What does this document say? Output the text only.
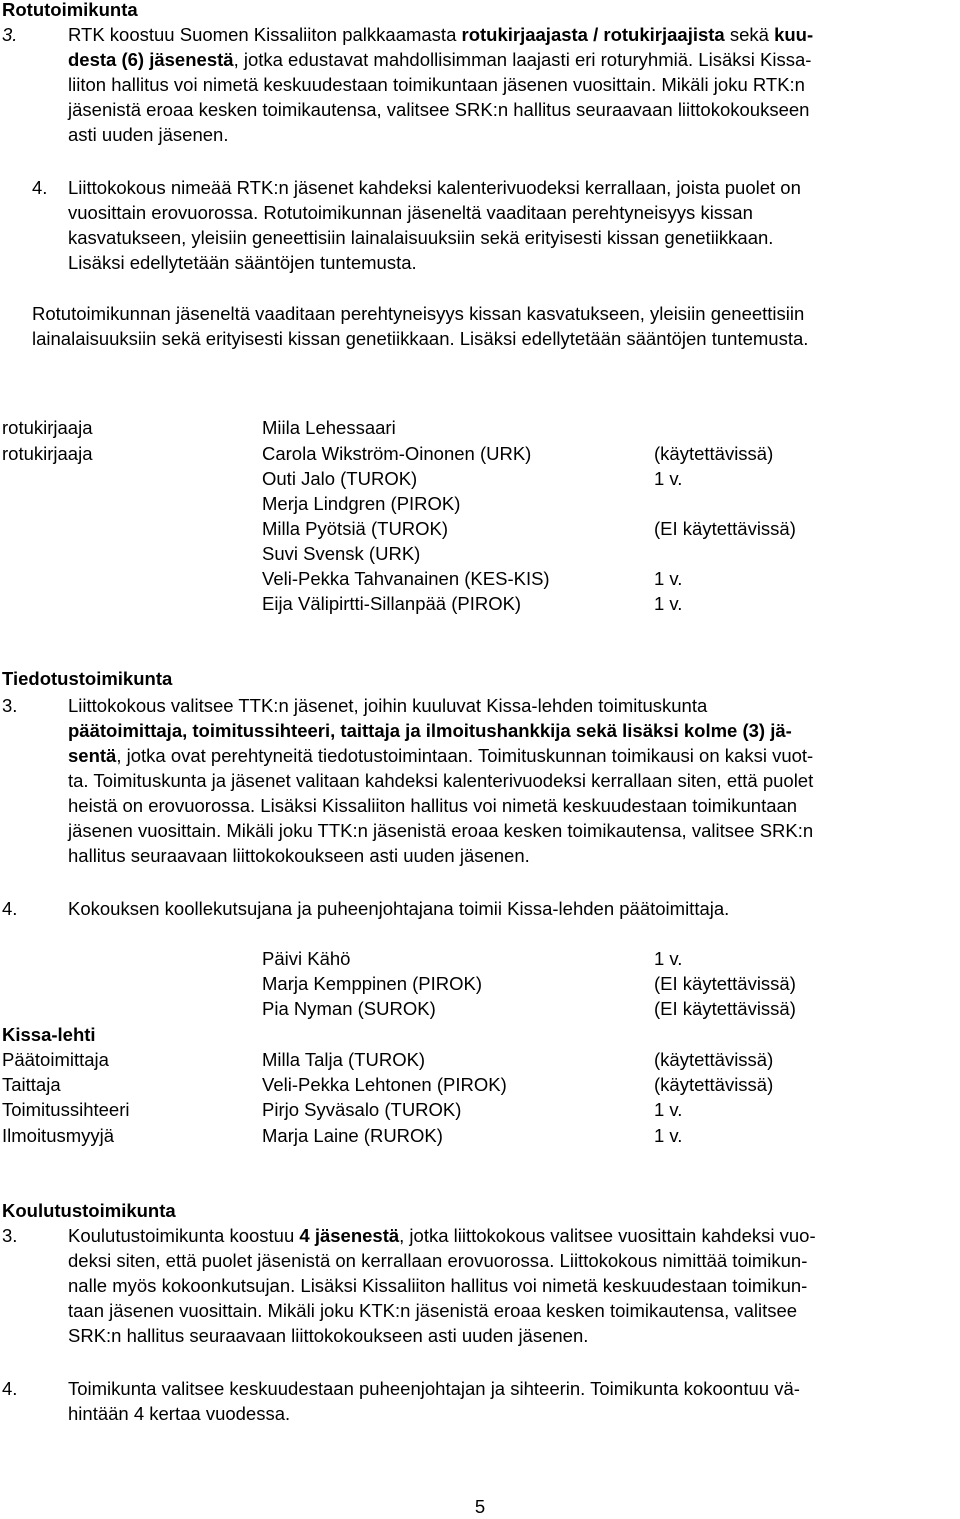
Rotutoimikunta
3.	RTK koostuu Suomen Kissaliiton palkkaamasta rotukirjaajasta / rotukirjaajista sekä kuu-
desta (6) jäsenestä, jotka edustavat mahdollisimman laajasti eri roturyhmiä. Lisäksi Kissa-
liiton hallitus voi nimetä keskuudestaan toimikuntaan jäsenen vuosittain. Mikäli joku RTK:n
jäsenistä eroaa kesken toimikautensa, valitsee SRK:n hallitus seuraavaan liittokokoukseen
asti uuden jäsenen.
4. Liittokokous nimeää RTK:n jäsenet kahdeksi kalenterivuodeksi kerrallaan, joista puolet on
vuosittain erovuorossa. Rotutoimikunnan jäseneltä vaaditaan perehtyneisyys kissan
kasvatukseen, yleisiin geneettisiin lainalaisuuksiin sekä erityisesti kissan genetiikkaan.
Lisäksi edellytetään sääntöjen tuntemusta.
Rotutoimikunnan jäseneltä vaaditaan perehtyneisyys kissan kasvatukseen, yleisiin geneettisiin
lainalaisuuksiin sekä erityisesti kissan genetiikkaan. Lisäksi edellytetään sääntöjen tuntemusta.
rotukirjaaja	Miila Lehessaari
rotukirjaaja	Carola Wikström-Oinonen (URK)	(käytettävissä)
Outi Jalo (TUROK)	1 v.
Merja Lindgren (PIROK)
Milla Pyötsiä (TUROK)	(EI käytettävissä)
Suvi Svensk (URK)
Veli-Pekka Tahvanainen (KES-KIS)	1 v.
Eija Välipirtti-Sillanpää (PIROK)	1 v.
Tiedotustoimikunta
3.	Liittokokous valitsee TTK:n jäsenet, joihin kuuluvat Kissa-lehden toimituskunta
päätoimittaja, toimitussihteeri, taittaja ja ilmoitushankkija sekä lisäksi kolme (3) jä-
sentä, jotka ovat perehtyneitä tiedotustoimintaan. Toimituskunnan toimikausi on kaksi vuot-
ta. Toimituskunta ja jäsenet valitaan kahdeksi kalenterivuodeksi kerrallaan siten, että puolet
heistä on erovuorossa. Lisäksi Kissaliiton hallitus voi nimetä keskuudestaan toimikuntaan
jäsenen vuosittain. Mikäli joku TTK:n jäsenistä eroaa kesken toimikautensa, valitsee SRK:n
hallitus seuraavaan liittokokoukseen asti uuden jäsenen.
4.	Kokouksen koollekutsujana ja puheenjohtajana toimii Kissa-lehden päätoimittaja.
Päivi Kähö	1 v.
Marja Kemppinen (PIROK)	(EI käytettävissä)
Pia Nyman (SUROK)	(EI käytettävissä)
Kissa-lehti
Päätoimittaja	Milla Talja (TUROK)	(käytettävissä)
Taittaja	Veli-Pekka Lehtonen (PIROK)	(käytettävissä)
Toimitussihteeri	Pirjo Syväsalo (TUROK)	1 v.
Ilmoitusmyyjä	Marja Laine (RUROK)	1 v.
Koulutustoimikunta
3.	Koulutustoimikunta koostuu 4 jäsenestä, jotka liittokokous valitsee vuosittain kahdeksi vuo-
deksi siten, että puolet jäsenistä on kerrallaan erovuorossa. Liittokokous nimittää toimikun-
nalle myös kokoonkutsujan. Lisäksi Kissaliiton hallitus voi nimetä keskuudestaan toimikun-
taan jäsenen vuosittain. Mikäli joku KTK:n jäsenistä eroaa kesken toimikautensa, valitsee
SRK:n hallitus seuraavaan liittokokoukseen asti uuden jäsenen.
4.	Toimikunta valitsee keskuudestaan puheenjohtajan ja sihteerin. Toimikunta kokoontuu vä-
hintään 4 kertaa vuodessa.
5
